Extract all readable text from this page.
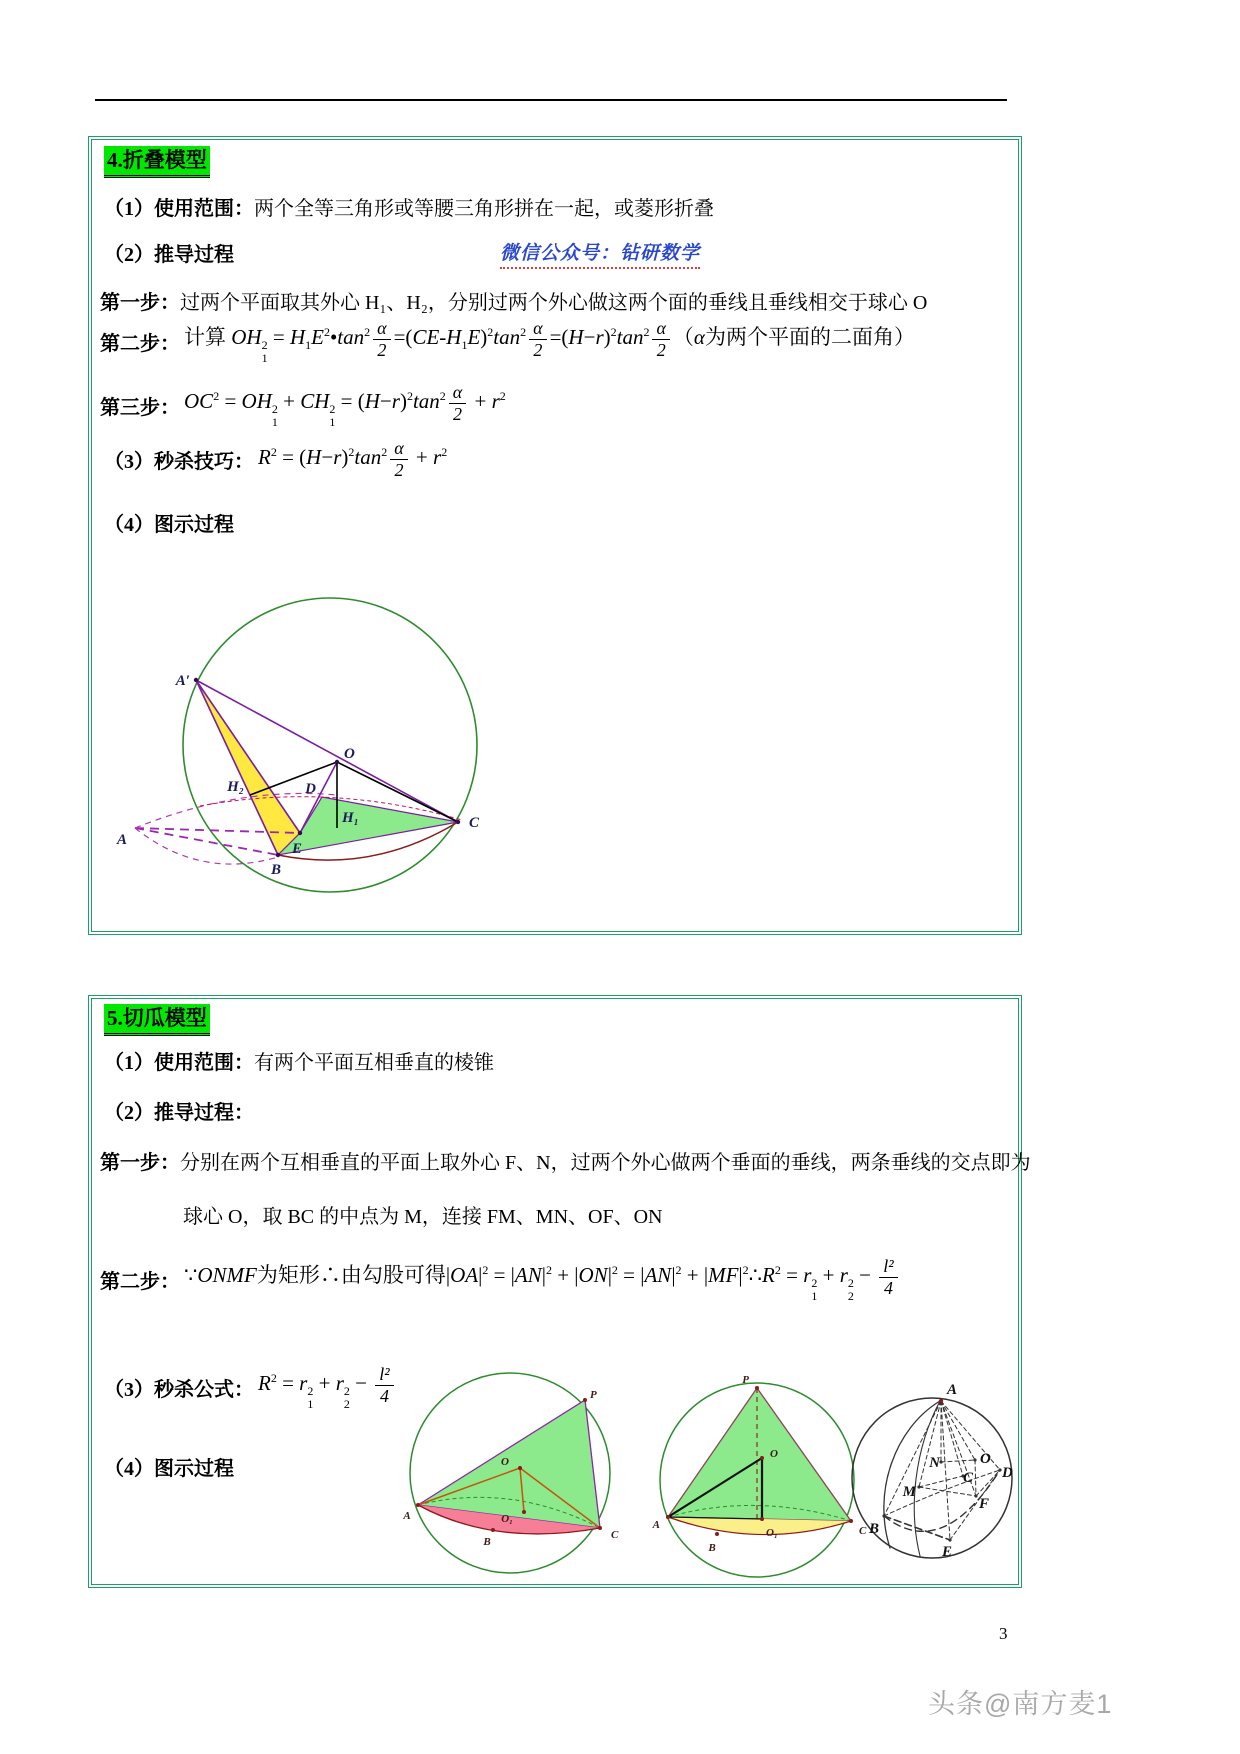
4.折叠模型
（1）使用范围： 两个全等三角形或等腰三角形拼在一起，或菱形折叠
（2）推导过程	微信公众号：钻研数学
第一步： 过两个平面取其外心 H₁、H₂，分别过两个外心做这两个面的垂线且垂线相交于球心 O
第二步： 计算 OH 2
1
= $H_1E^2•\tan^2 \frac{\alpha}{2} =(CE-H_1E)^2\tan^2 \frac{\alpha}{2} =(H-r)^2\tan^2 \frac{\alpha}{2} (\alpha$为两个平面的二面角）
第三步： $OC^2$ = OH 2
1
+ CH 2
1
= $(H-r)^2\tan^2 \frac{\alpha}{2} + r^2$
（3）秒杀技巧： $R^2 = (H-r)^2\tan^2 \frac{\alpha}{2} + r^2$
（4）图示过程
A′
O
D
H₂
H₁
A
E
B
C
5.切瓜模型
（1）使用范围： 有两个平面互相垂直的棱锥
（2）推导过程：
第一步： 分别在两个互相垂直的平面上取外心 F、N，过两个外心做两个垂面的垂线，两条垂线的交点即为
球心 O，取 BC 的中点为 M，连接 FM、MN、OF、ON
第二步： ∵ONMF为矩形∴由勾股可得$|OA|^2 = |AN|^2 + |ON|^2 = |AN|^2$ + $|MF|^2\therefore R^2 = r$ 2
1
+ r 2
2
− $\frac{\text{l²}}{4}$
（3）秒杀公式： $R^2 = r$ 2
1
+ r 2
2
− $\frac{\text{l²}}{4}$
（4）图示过程
P
O
O₁
A
B
C
P
O
O₁
A
B
C
A
N
C
M
O
D
F
B
E
3
头条@南方麦1
